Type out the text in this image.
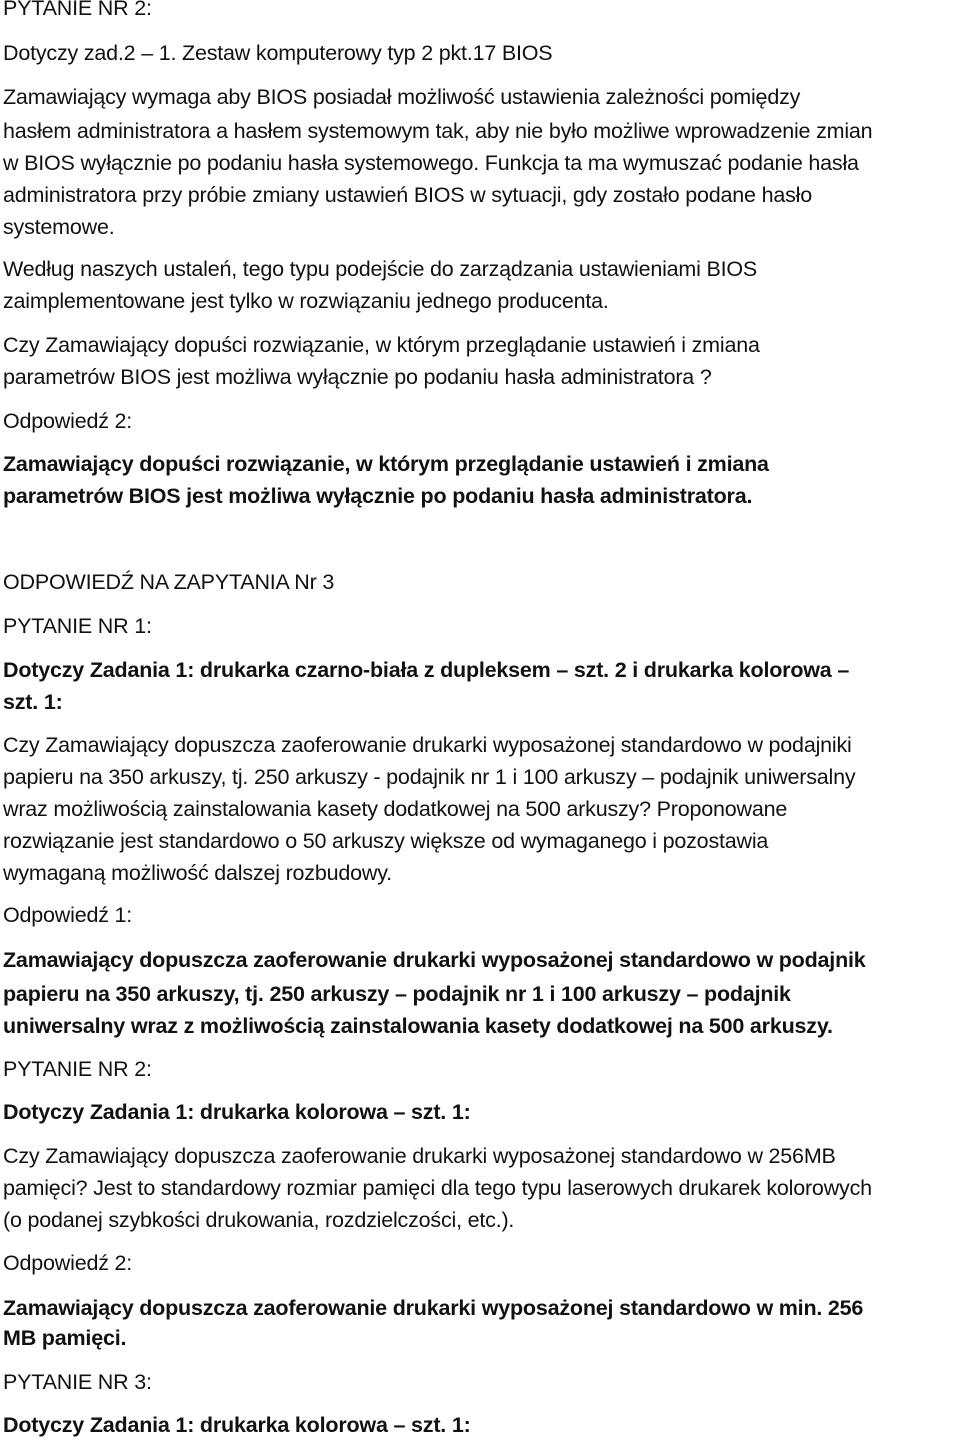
PYTANIE NR 2:

Dotyczy zad.2 – 1. Zestaw komputerowy typ 2 pkt.17 BIOS

Zamawiający wymaga aby BIOS posiadał możliwość ustawienia zależności pomiędzy

hasłem administratora a hasłem systemowym tak, aby nie było możliwe wprowadzenie zmian

w BIOS wyłącznie po podaniu hasła systemowego. Funkcja ta ma wymuszać podanie hasła

administratora przy próbie zmiany ustawień BIOS w sytuacji, gdy zostało podane hasło

systemowe.

Według naszych ustaleń, tego typu podejście do zarządzania ustawieniami BIOS

zaimplementowane jest tylko w rozwiązaniu jednego producenta.

Czy Zamawiający dopuści rozwiązanie, w którym przeglądanie ustawień i zmiana

parametrów BIOS jest możliwa wyłącznie po podaniu hasła administratora ?

Odpowiedź 2:

Zamawiający dopuści rozwiązanie, w którym przeglądanie ustawień i zmiana

parametrów BIOS jest możliwa wyłącznie po podaniu hasła administratora.

ODPOWIEDŹ NA ZAPYTANIA Nr 3

PYTANIE NR 1:

Dotyczy Zadania 1: drukarka czarno-biała z dupleksem – szt. 2 i drukarka kolorowa –

szt. 1:

Czy Zamawiający dopuszcza zaoferowanie drukarki wyposażonej standardowo w podajniki

papieru na 350 arkuszy, tj. 250 arkuszy - podajnik nr 1 i 100 arkuszy – podajnik uniwersalny

wraz możliwością zainstalowania kasety dodatkowej na 500 arkuszy? Proponowane

rozwiązanie jest standardowo o 50 arkuszy większe od wymaganego i pozostawia

wymaganą możliwość dalszej rozbudowy.

Odpowiedź 1:

Zamawiający dopuszcza zaoferowanie drukarki wyposażonej standardowo w podajnik

papieru na 350 arkuszy, tj. 250 arkuszy – podajnik nr 1 i 100 arkuszy – podajnik

uniwersalny wraz z możliwością zainstalowania kasety dodatkowej na 500 arkuszy.

PYTANIE NR 2:

Dotyczy Zadania 1: drukarka kolorowa – szt. 1:

Czy Zamawiający dopuszcza zaoferowanie drukarki wyposażonej standardowo w 256MB

pamięci? Jest to standardowy rozmiar pamięci dla tego typu laserowych drukarek kolorowych

(o podanej szybkości drukowania, rozdzielczości, etc.).

Odpowiedź 2:

Zamawiający dopuszcza zaoferowanie drukarki wyposażonej standardowo w min. 256

MB pamięci.

PYTANIE NR 3:

Dotyczy Zadania 1: drukarka kolorowa – szt. 1:
